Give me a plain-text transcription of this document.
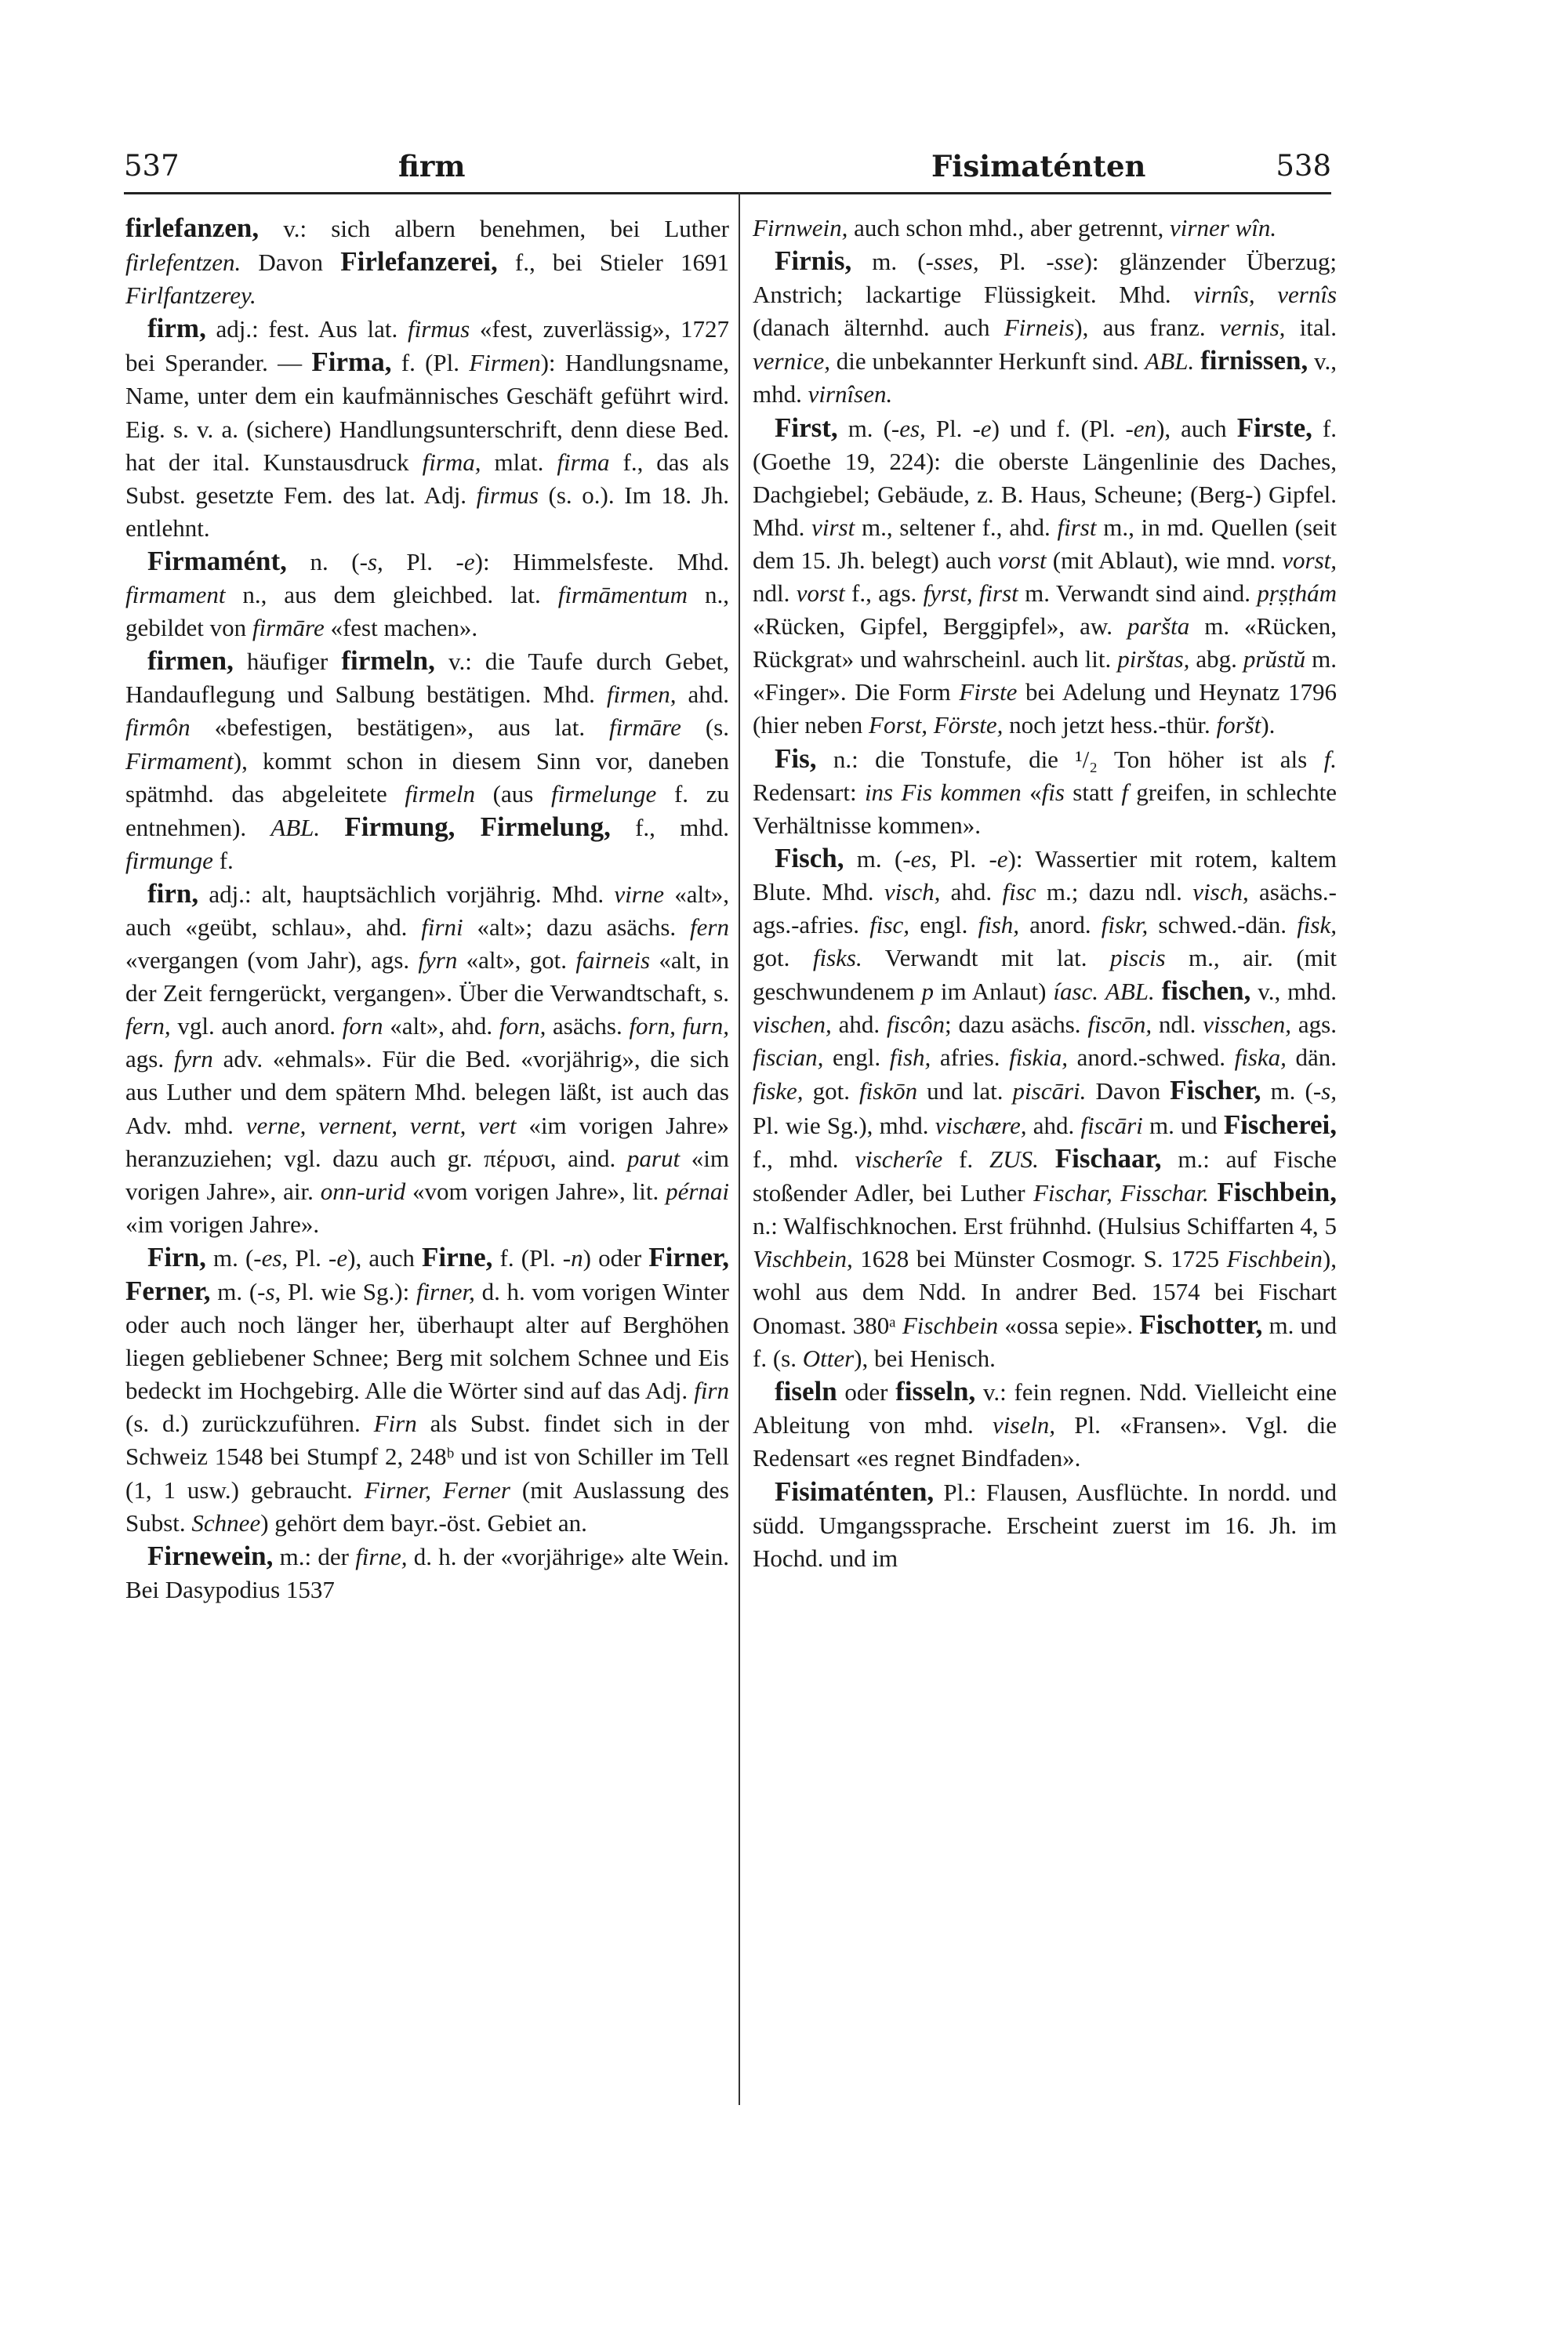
537	firm	Fisimaténten	538

firlefanzen, v.: sich albern benehmen, bei Luther firlefentzen. Davon Firlefanzerei, f., bei Stieler 1691 Firlfantzerey.

firm, adj.: fest. Aus lat. firmus «fest, zuverlässig», 1727 bei Sperander. — Firma, f. (Pl. Firmen): Handlungsname, Name, unter dem ein kaufmännisches Geschäft geführt wird. Eig. s. v. a. (sichere) Handlungsunterschrift, denn diese Bed. hat der ital. Kunstausdruck firma, mlat. firma f., das als Subst. gesetzte Fem. des lat. Adj. firmus (s. o.). Im 18. Jh. entlehnt.

Firmamént, n. (-s, Pl. -e): Himmelsfeste. Mhd. firmament n., aus dem gleichbed. lat. firmāmentum n., gebildet von firmāre «fest machen».

firmen, häufiger firmeln, v.: die Taufe durch Gebet, Handauflegung und Salbung bestätigen. Mhd. firmen, ahd. firmôn «befestigen, bestätigen», aus lat. firmāre (s. Firmament), kommt schon in diesem Sinn vor, daneben spätmhd. das abgeleitete firmeln (aus firmelunge f. zu entnehmen). ABL. Firmung, Firmelung, f., mhd. firmunge f.

firn, adj.: alt, hauptsächlich vorjährig. Mhd. virne «alt», auch «geübt, schlau», ahd. firni «alt»; dazu asächs. fern «vergangen (vom Jahr), ags. fyrn «alt», got. fairneis «alt, in der Zeit ferngerückt, vergangen». Über die Verwandtschaft, s. fern, vgl. auch anord. forn «alt», ahd. forn, asächs. forn, furn, ags. fyrn adv. «ehmals». Für die Bed. «vorjährig», die sich aus Luther und dem spätern Mhd. belegen läßt, ist auch das Adv. mhd. verne, vernent, vernt, vert «im vorigen Jahre» heranzuziehen; vgl. dazu auch gr. πέρυσι, aind. parut «im vorigen Jahre», air. onn-urid «vom vorigen Jahre», lit. pérnai «im vorigen Jahre».

Firn, m. (-es, Pl. -e), auch Firne, f. (Pl. -n) oder Firner, Ferner, m. (-s, Pl. wie Sg.): firner, d. h. vom vorigen Winter oder auch noch länger her, überhaupt alter auf Berghöhen liegen gebliebener Schnee; Berg mit solchem Schnee und Eis bedeckt im Hochgebirg. Alle die Wörter sind auf das Adj. firn (s. d.) zurückzuführen. Firn als Subst. findet sich in der Schweiz 1548 bei Stumpf 2, 248ᵇ und ist von Schiller im Tell (1, 1 usw.) gebraucht. Firner, Ferner (mit Auslassung des Subst. Schnee) gehört dem bayr.-öst. Gebiet an.

Firnewein, m.: der firne, d. h. der «vorjährige» alte Wein. Bei Dasypodius 1537

Firnwein, auch schon mhd., aber getrennt, virner wîn.

Firnis, m. (-sses, Pl. -sse): glänzender Überzug; Anstrich; lackartige Flüssigkeit. Mhd. virnîs, vernîs (danach älternhd. auch Firneis), aus franz. vernis, ital. vernice, die unbekannter Herkunft sind. ABL. firnissen, v., mhd. virnîsen.

First, m. (-es, Pl. -e) und f. (Pl. -en), auch Firste, f. (Goethe 19, 224): die oberste Längenlinie des Daches, Dachgiebel; Gebäude, z. B. Haus, Scheune; (Berg-) Gipfel. Mhd. virst m., seltener f., ahd. first m., in md. Quellen (seit dem 15. Jh. belegt) auch vorst (mit Ablaut), wie mnd. vorst, ndl. vorst f., ags. fyrst, first m. Verwandt sind aind. pṛṣṭhám «Rücken, Gipfel, Berggipfel», aw. paršta m. «Rücken, Rückgrat» und wahrscheinl. auch lit. pirštas, abg. prŭstŭ m. «Finger». Die Form Firste bei Adelung und Heynatz 1796 (hier neben Forst, Förste, noch jetzt hess.-thür. foršt).

Fis, n.: die Tonstufe, die ¹/₂ Ton höher ist als f. Redensart: ins Fis kommen «fis statt f greifen, in schlechte Verhältnisse kommen».

Fisch, m. (-es, Pl. -e): Wassertier mit rotem, kaltem Blute. Mhd. visch, ahd. fisc m.; dazu ndl. visch, asächs.-ags.-afries. fisc, engl. fish, anord. fiskr, schwed.-dän. fisk, got. fisks. Verwandt mit lat. piscis m., air. (mit geschwundenem p im Anlaut) íasc. ABL. fischen, v., mhd. vischen, ahd. fiscôn; dazu asächs. fiscōn, ndl. visschen, ags. fiscian, engl. fish, afries. fiskia, anord.-schwed. fiska, dän. fiske, got. fiskōn und lat. piscāri. Davon Fischer, m. (-s, Pl. wie Sg.), mhd. vischære, ahd. fiscāri m. und Fischerei, f., mhd. vischerîe f. ZUS. Fischaar, m.: auf Fische stoßender Adler, bei Luther Fischar, Fisschar. Fischbein, n.: Walfischknochen. Erst frühnhd. (Hulsius Schiffarten 4, 5 Vischbein, 1628 bei Münster Cosmogr. S. 1725 Fischbein), wohl aus dem Ndd. In andrer Bed. 1574 bei Fischart Onomast. 380ᵃ Fischbein «ossa sepie». Fischotter, m. und f. (s. Otter), bei Henisch.

fiseln oder fisseln, v.: fein regnen. Ndd. Vielleicht eine Ableitung von mhd. viseln, Pl. «Fransen». Vgl. die Redensart «es regnet Bindfaden».

Fisimaténten, Pl.: Flausen, Ausflüchte. In nordd. und südd. Umgangssprache. Erscheint zuerst im 16. Jh. im Hochd. und im
